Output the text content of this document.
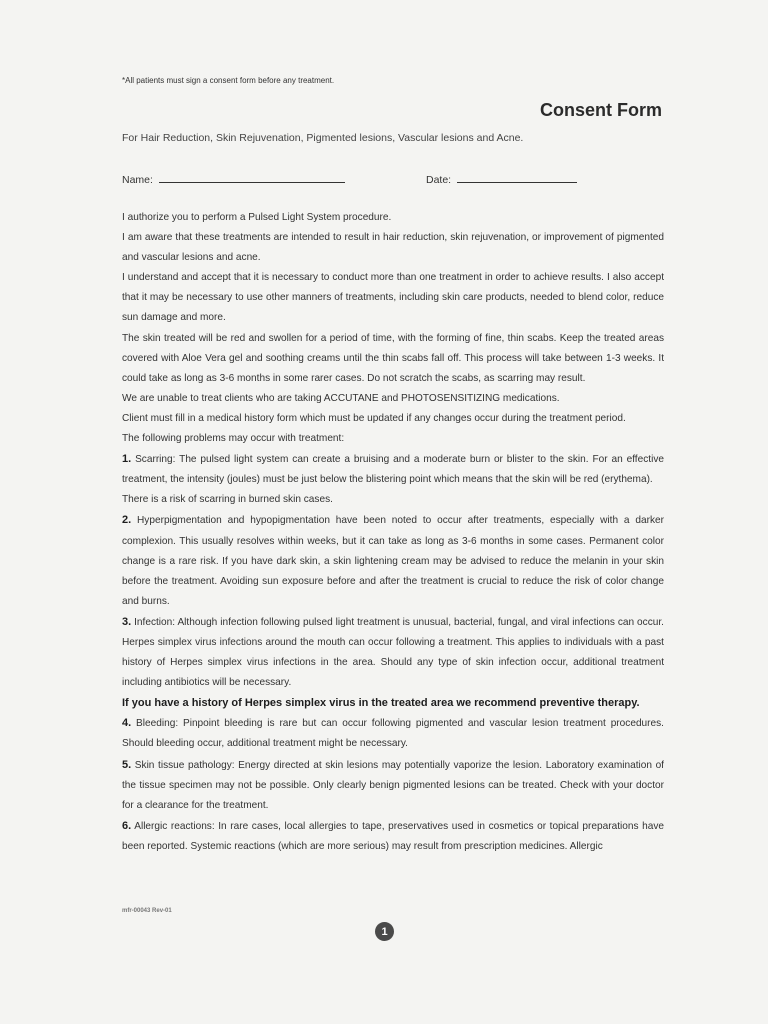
*All patients must sign a consent form before any treatment.
Consent Form
For Hair Reduction, Skin Rejuvenation, Pigmented lesions, Vascular lesions and Acne.
Name:	Date:

I authorize you to perform a Pulsed Light System procedure.

I am aware that these treatments are intended to result in hair reduction, skin rejuvenation, or improvement of pigmented and vascular lesions and acne.

I understand and accept that it is necessary to conduct more than one treatment in order to achieve results. I also accept that it may be necessary to use other manners of treatments, including skin care products, needed to blend color, reduce sun damage and more.

The skin treated will be red and swollen for a period of time, with the forming of fine, thin scabs. Keep the treated areas covered with Aloe Vera gel and soothing creams until the thin scabs fall off. This process will take between 1-3 weeks. It could take as long as 3-6 months in some rarer cases. Do not scratch the scabs, as scarring may result.

We are unable to treat clients who are taking ACCUTANE and PHOTOSENSITIZING medications.

Client must fill in a medical history form which must be updated if any changes occur during the treatment period.

The following problems may occur with treatment:

1. Scarring: The pulsed light system can create a bruising and a moderate burn or blister to the skin. For an effective treatment, the intensity (joules) must be just below the blistering point which means that the skin will be red (erythema).

There is a risk of scarring in burned skin cases.

2. Hyperpigmentation and hypopigmentation have been noted to occur after treatments, especially with a darker complexion. This usually resolves within weeks, but it can take as long as 3-6 months in some cases. Permanent color change is a rare risk. If you have dark skin, a skin lightening cream may be advised to reduce the melanin in your skin before the treatment. Avoiding sun exposure before and after the treatment is crucial to reduce the risk of color change and burns.

3. Infection: Although infection following pulsed light treatment is unusual, bacterial, fungal, and viral infections can occur. Herpes simplex virus infections around the mouth can occur following a treatment. This applies to individuals with a past history of Herpes simplex virus infections in the area. Should any type of skin infection occur, additional treatment including antibiotics will be necessary.

If you have a history of Herpes simplex virus in the treated area we recommend preventive therapy.

4. Bleeding: Pinpoint bleeding is rare but can occur following pigmented and vascular lesion treatment procedures. Should bleeding occur, additional treatment might be necessary.

5. Skin tissue pathology: Energy directed at skin lesions may potentially vaporize the lesion. Laboratory examination of the tissue specimen may not be possible. Only clearly benign pigmented lesions can be treated. Check with your doctor for a clearance for the treatment.

6. Allergic reactions: In rare cases, local allergies to tape, preservatives used in cosmetics or topical preparations have been reported. Systemic reactions (which are more serious) may result from prescription medicines. Allergic

mfr-00043 Rev-01
1
